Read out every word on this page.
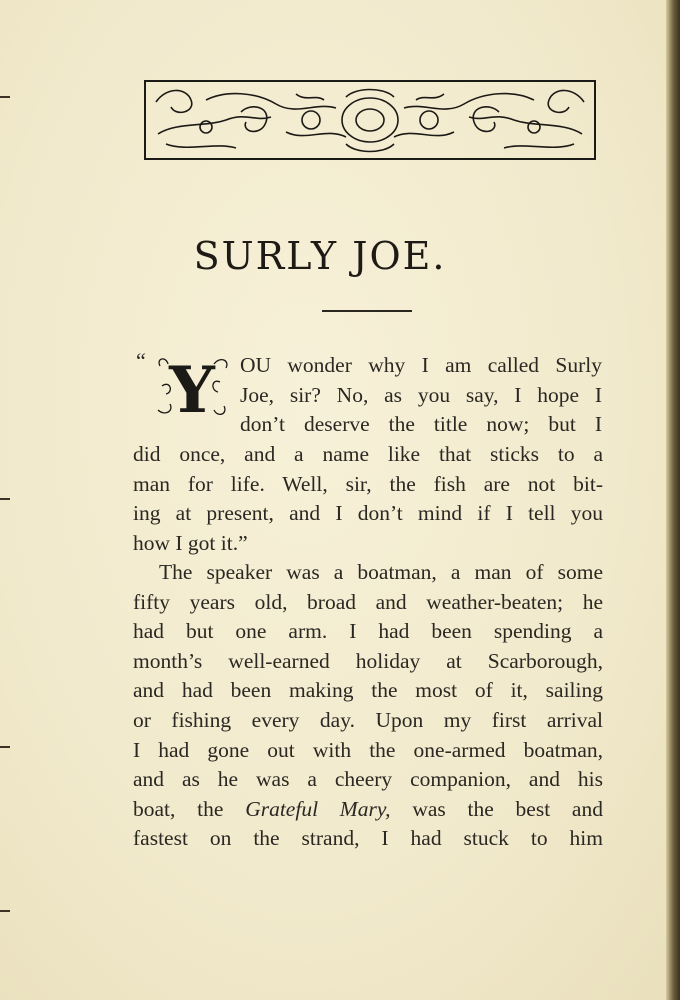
SURLY JOE.
“ Y OU wonder why I am called Surly
Joe, sir? No, as you say, I hope I
don’t deserve the title now; but I
did once, and a name like that sticks to a
man for life. Well, sir, the fish are not bit-
ing at present, and I don’t mind if I tell you
how I got it.”
The speaker was a boatman, a man of some
fifty years old, broad and weather-beaten; he
had but one arm. I had been spending a
month’s well-earned holiday at Scarborough,
and had been making the most of it, sailing
or fishing every day. Upon my first arrival
I had gone out with the one-armed boatman,
and as he was a cheery companion, and his
boat, the Grateful Mary, was the best and
fastest on the strand, I had stuck to him
